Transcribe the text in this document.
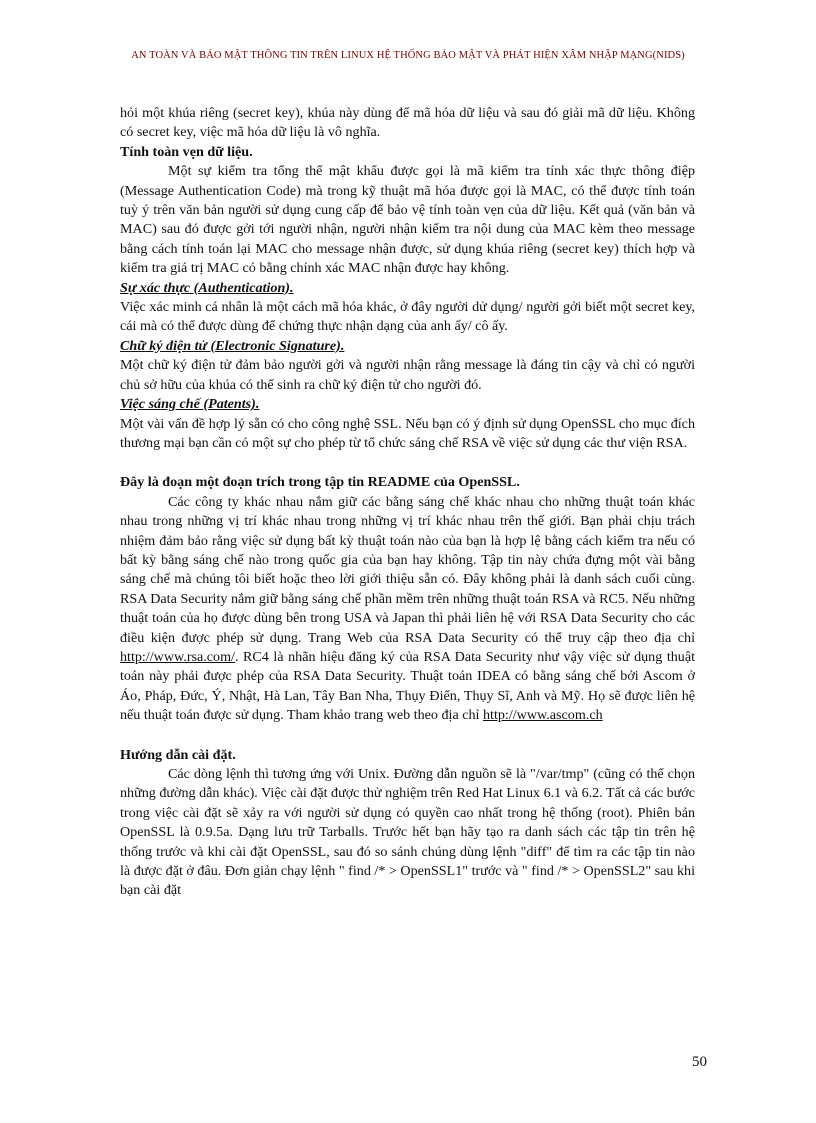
AN TOÀN VÀ BẢO MẬT THÔNG TIN TRÊN LINUX HỆ THỐNG BẢO MẬT VÀ PHÁT HIỆN XÂM NHẬP MẠNG(NIDS)

hỏi một khúa riêng (secret key), khúa này dùng để mã hóa dữ liệu và sau đó giải mã dữ liệu. Không có secret key, việc mã hóa dữ liệu là vô nghĩa.

Tính toàn vẹn dữ liệu.

Một sự kiểm tra tổng thể mật khẩu được gọi là mã kiểm tra tính xác thực thông điệp (Message Authentication Code) mà trong kỹ thuật mã hóa được gọi là MAC, có thể được tính toán tuỳ ý trên văn bản người sử dụng cung cấp để bảo vệ tính toàn vẹn của dữ liệu. Kết quả (văn bản và MAC) sau đó được gởi tới người nhận, người nhận kiểm tra nội dung của MAC kèm theo message bằng cách tính toán lại MAC cho message nhận được, sử dụng khúa riêng (secret key) thích hợp và kiểm tra giá trị MAC có bằng chính xác MAC nhận được hay không.

Sự xác thực (Authentication).

Việc xác minh cá nhân là một cách mã hóa khác, ở đây người dử dụng/ người gởi biết một secret key, cái mà có thể được dùng để chứng thực nhận dạng của anh ấy/ cô ấy.

Chữ ký điện tử (Electronic Signature).

Một chữ ký điện tử đảm bảo người gởi và người nhận rằng message là đáng tin cậy và chỉ có người chủ sở hữu của khúa có thể sinh ra chữ ký điện tử cho người đó.

Việc sáng chế (Patents).

Một vài vấn đề hợp lý sẵn có cho công nghệ SSL. Nếu bạn có ý định sử dụng OpenSSL cho mục đích thương mại bạn cần có một sự cho phép từ tổ chức sáng chế RSA về việc sử dụng các thư viện RSA.

Đây là đoạn một đoạn trích trong tập tin README của OpenSSL.

Các công ty khác nhau nắm giữ các bằng sáng chế khác nhau cho những thuật toán khác nhau trong những vị trí khác nhau trong những vị trí khác nhau trên thế giới. Bạn phải chịu trách nhiệm đảm bảo rằng việc sử dụng bất kỳ thuật toán nào của bạn là hợp lệ bằng cách kiểm tra nếu có bất kỳ bằng sáng chế nào trong quốc gia của bạn hay không. Tập tin này chứa đựng một vài bằng sáng chế mà chúng tôi biết hoặc theo lời giới thiệu sẵn có. Đây không phải là danh sách cuối cùng. RSA Data Security nắm giữ bằng sáng chế phần mềm trên những thuật toán RSA và RC5. Nếu những thuật toán của họ được dùng bên trong USA và Japan thì phải liên hệ với RSA Data Security cho các điều kiện được phép sử dụng. Trang Web của RSA Data Security có thể truy cập theo địa chỉ http://www.rsa.com/. RC4 là nhãn hiệu đăng ký của RSA Data Security như vậy việc sử dụng thuật toán này phải được phép của RSA Data Security. Thuật toán IDEA có bằng sáng chế bởi Ascom ở Áo, Pháp, Đức, Ý, Nhật, Hà Lan, Tây Ban Nha, Thụy Điển, Thụy Sĩ, Anh và Mỹ. Họ sẽ được liên hệ nếu thuật toán được sử dụng. Tham khảo trang web theo địa chỉ http://www.ascom.ch

Hướng dẫn cài đặt.

Các dòng lệnh thì tương ứng với Unix. Đường dẫn nguồn sẽ là "/var/tmp" (cũng có thể chọn những đường dẫn khác). Việc cài đặt được thử nghiệm trên Red Hat Linux 6.1 và 6.2. Tất cả các bước trong việc cài đặt sẽ xảy ra với người sử dụng có quyền cao nhất trong hệ thống (root). Phiên bản OpenSSL là 0.9.5a. Dạng lưu trữ Tarballs. Trước hết bạn hãy tạo ra danh sách các tập tin trên hệ thống trước và khi cài đặt OpenSSL, sau đó so sánh chúng dùng lệnh "diff" để tìm ra các tập tin nào là được đặt ở đâu. Đơn giản chạy lệnh " find /* > OpenSSL1" trước và " find /* > OpenSSL2" sau khi bạn cài đặt

50
